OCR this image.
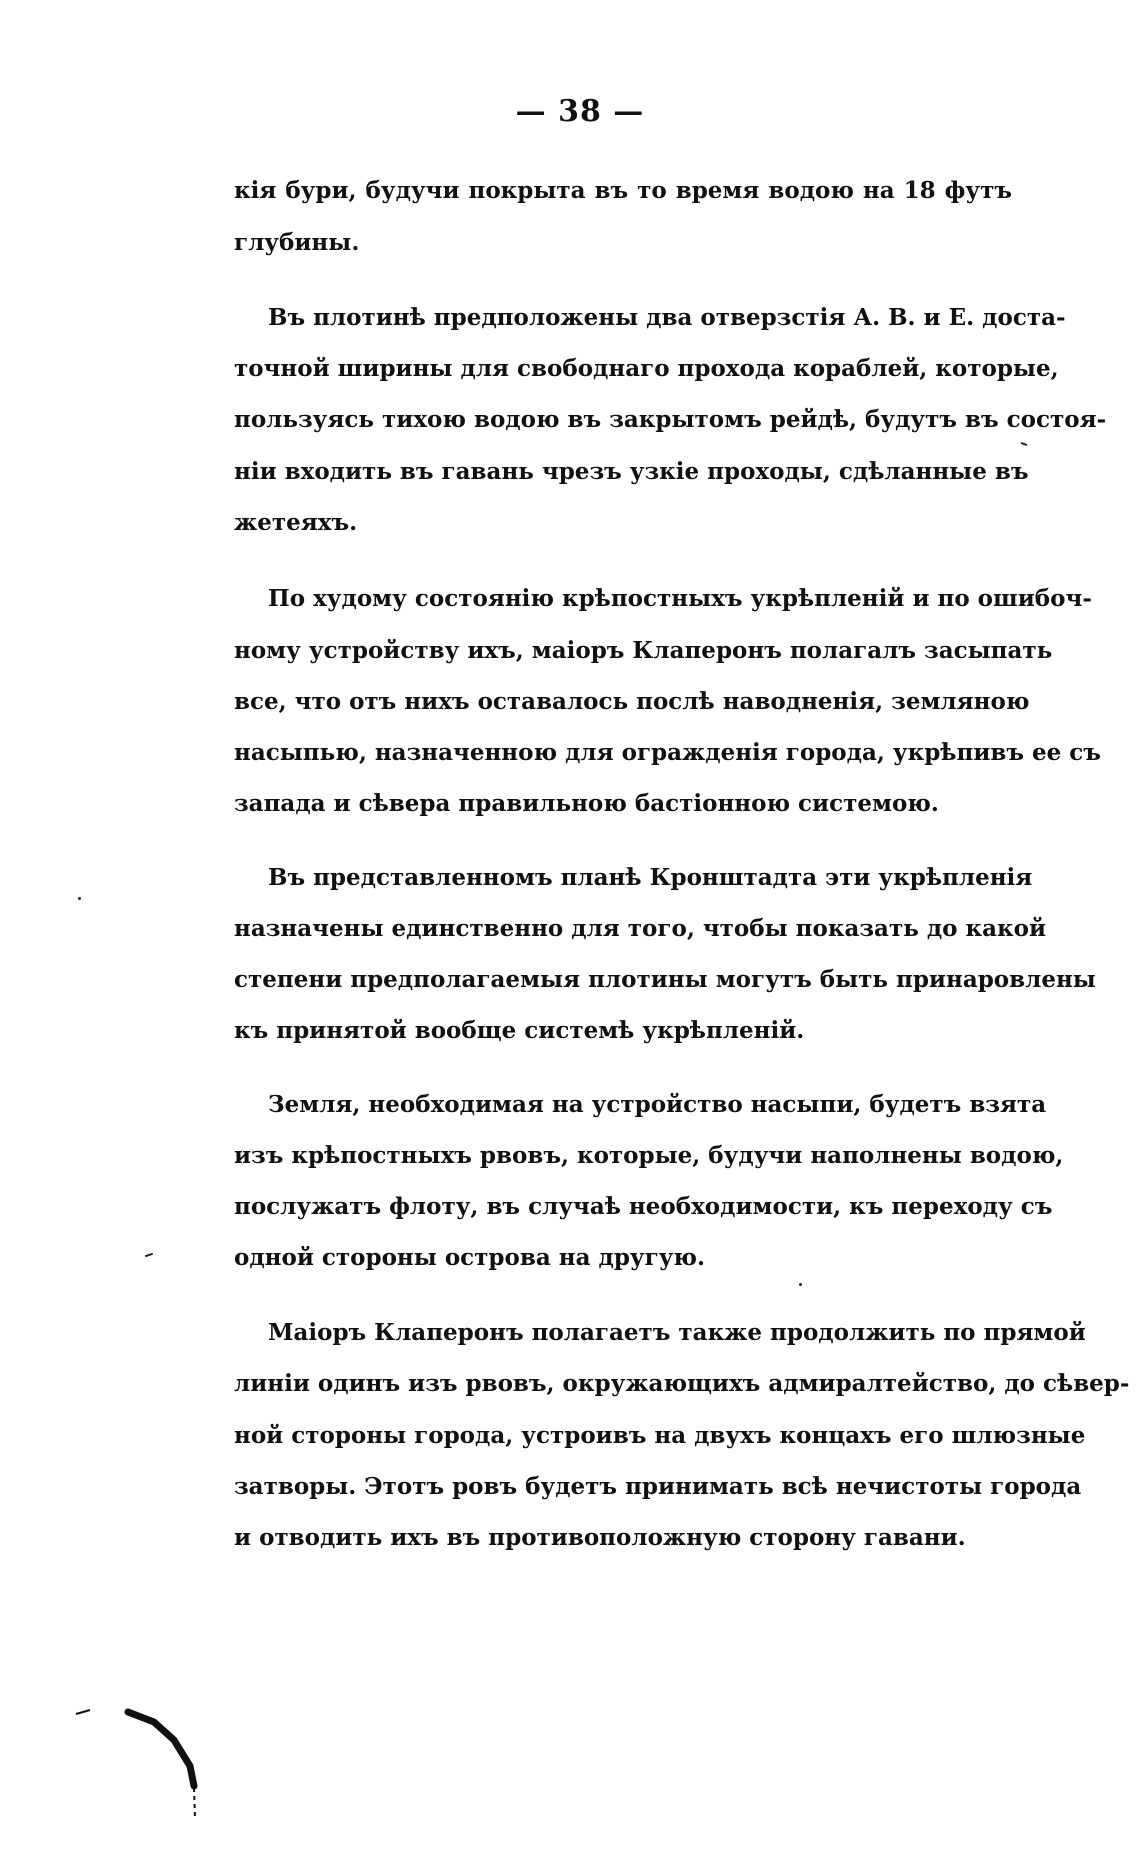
— 38 —
кія бури, будучи покрыта въ то время водою на 18 футъ
глубины.
Въ плотинѣ предположены два отверзстія А. В. и Е. доста-
точной ширины для свободнаго прохода кораблей, которые,
пользуясь тихою водою въ закрытомъ рейдѣ, будутъ въ состоя-
ніи входить въ гавань чрезъ узкіе проходы, сдѣланные въ
жетеяхъ.
По худому состоянію крѣпостныхъ укрѣпленій и по ошибоч-
ному устройству ихъ, маіоръ Клаперонъ полагалъ засыпать
все, что отъ нихъ оставалось послѣ наводненія, земляною
насыпью, назначенною для огражденія города, укрѣпивъ ее съ
запада и сѣвера правильною бастіонною системою.
Въ представленномъ планѣ Кронштадта эти укрѣпленія
назначены единственно для того, чтобы показать до какой
степени предполагаемыя плотины могутъ быть принаровлены
къ принятой вообще системѣ укрѣпленій.
Земля, необходимая на устройство насыпи, будетъ взята
изъ крѣпостныхъ рвовъ, которые, будучи наполнены водою,
послужатъ флоту, въ случаѣ необходимости, къ переходу съ
одной стороны острова на другую.
Маіоръ Клаперонъ полагаетъ также продолжить по прямой
линіи одинъ изъ рвовъ, окружающихъ адмиралтейство, до сѣвер-
ной стороны города, устроивъ на двухъ концахъ его шлюзные
затворы. Этотъ ровъ будетъ принимать всѣ нечистоты города
и отводить ихъ въ противоположную сторону гавани.
